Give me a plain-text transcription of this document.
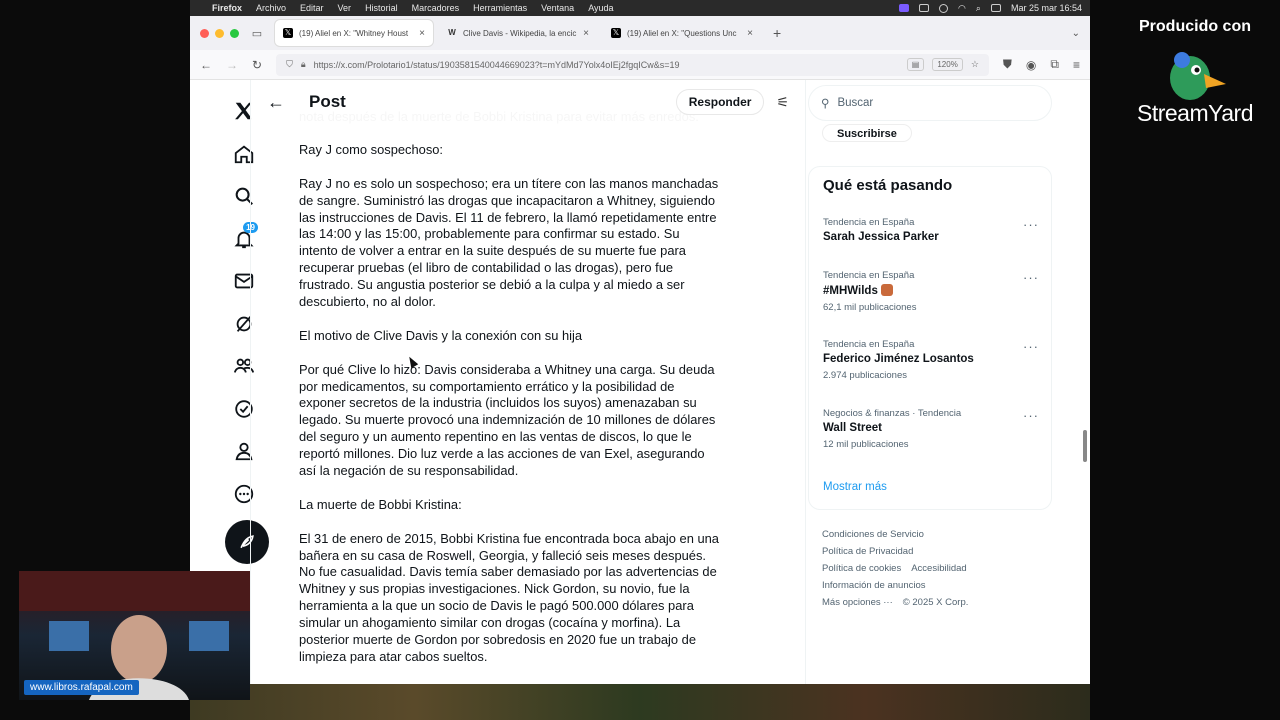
Firefox Archivo Editar Ver Historial Marcadores Herramientas Ventana Ayuda	◠ ⌕	Mar 25 mar 16:54
▭	𝕏 (19) Aliel en X: "Whitney Houst	×	W Clive Davis - Wikipedia, la encic ×	𝕏 (19) Aliel en X: "Questions Unc	× +	⌄
← → ↻	⛉ 🔒︎ https://x.com/Prolotario1/status/1903581540044669023?t=mYdMd7Yolx4oIEj2fgqICw&s=19	▤	120%	☆ ⛊ ◉ ⧉ ≡
19
←	Post	Responder	⚟

Ray J como sospechoso:

Ray J no es solo un sospechoso; era un títere con las manos manchadas
de sangre. Suministró las drogas que incapacitaron a Whitney, siguiendo
las instrucciones de Davis. El 11 de febrero, la llamó repetidamente entre
las 14:00 y las 15:00, probablemente para confirmar su estado. Su
intento de volver a entrar en la suite después de su muerte fue para
recuperar pruebas (el libro de contabilidad o las drogas), pero fue
frustrado. Su angustia posterior se debió a la culpa y al miedo a ser
descubierto, no al dolor.

El motivo de Clive Davis y la conexión con su hija

Por qué Clive lo hizo: Davis consideraba a Whitney una carga. Su deuda
por medicamentos, su comportamiento errático y la posibilidad de
exponer secretos de la industria (incluidos los suyos) amenazaban su
legado. Su muerte provocó una indemnización de 10 millones de dólares
del seguro y un aumento repentino en las ventas de discos, lo que le
reportó millones. Dio luz verde a las acciones de van Exel, asegurando
así la negación de su responsabilidad.

La muerte de Bobbi Kristina:

El 31 de enero de 2015, Bobbi Kristina fue encontrada boca abajo en una
bañera en su casa de Roswell, Georgia, y falleció seis meses después.
No fue casualidad. Davis temía saber demasiado por las advertencias de
Whitney y sus propias investigaciones. Nick Gordon, su novio, fue la
herramienta a la que un socio de Davis le pagó 500.000 dólares para
simular un ahogamiento similar con drogas (cocaína y morfina). La
posterior muerte de Gordon por sobredosis en 2020 fue un trabajo de
limpieza para atar cabos sueltos.

Suscribirse
⚲ Buscar
Qué está pasando
Tendencia en España
Sarah Jessica Parker
···
Tendencia en España
#MHWilds
62,1 mil publicaciones
···
Tendencia en España
Federico Jiménez Losantos
2.974 publicaciones
···
Negocios & finanzas · Tendencia
Wall Street
12 mil publicaciones
···
Mostrar más
Condiciones de Servicio
Política de Privacidad
Política de cookies Accesibilidad
Información de anuncios
Más opciones ··· © 2025 X Corp.
Producido con
StreamYard
www.libros.rafapal.com
